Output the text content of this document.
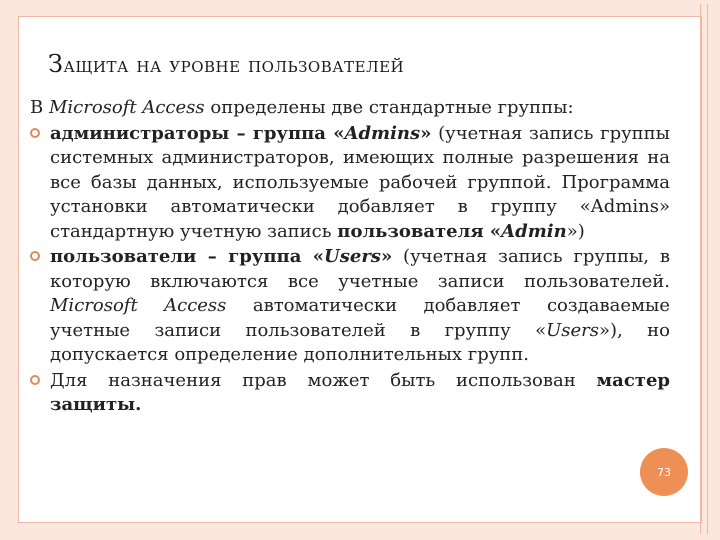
Защита на уровне пользователей
В Microsoft Access определены две стандартные группы:
администраторы – группа «Admins» (учетная запись группы системных администраторов, имеющих полные разрешения на все базы данных, используемые рабочей группой. Программа установки автоматически добавляет в группу «Admins» стандартную учетную запись пользователя «Admin»)
пользователи – группа «Users» (учетная запись группы, в которую включаются все учетные записи пользователей. Microsoft Access автоматически добавляет создаваемые учетные записи пользователей в группу «Users»), но допускается определение дополнительных групп.
Для назначения прав может быть использован мастер защиты.
73
